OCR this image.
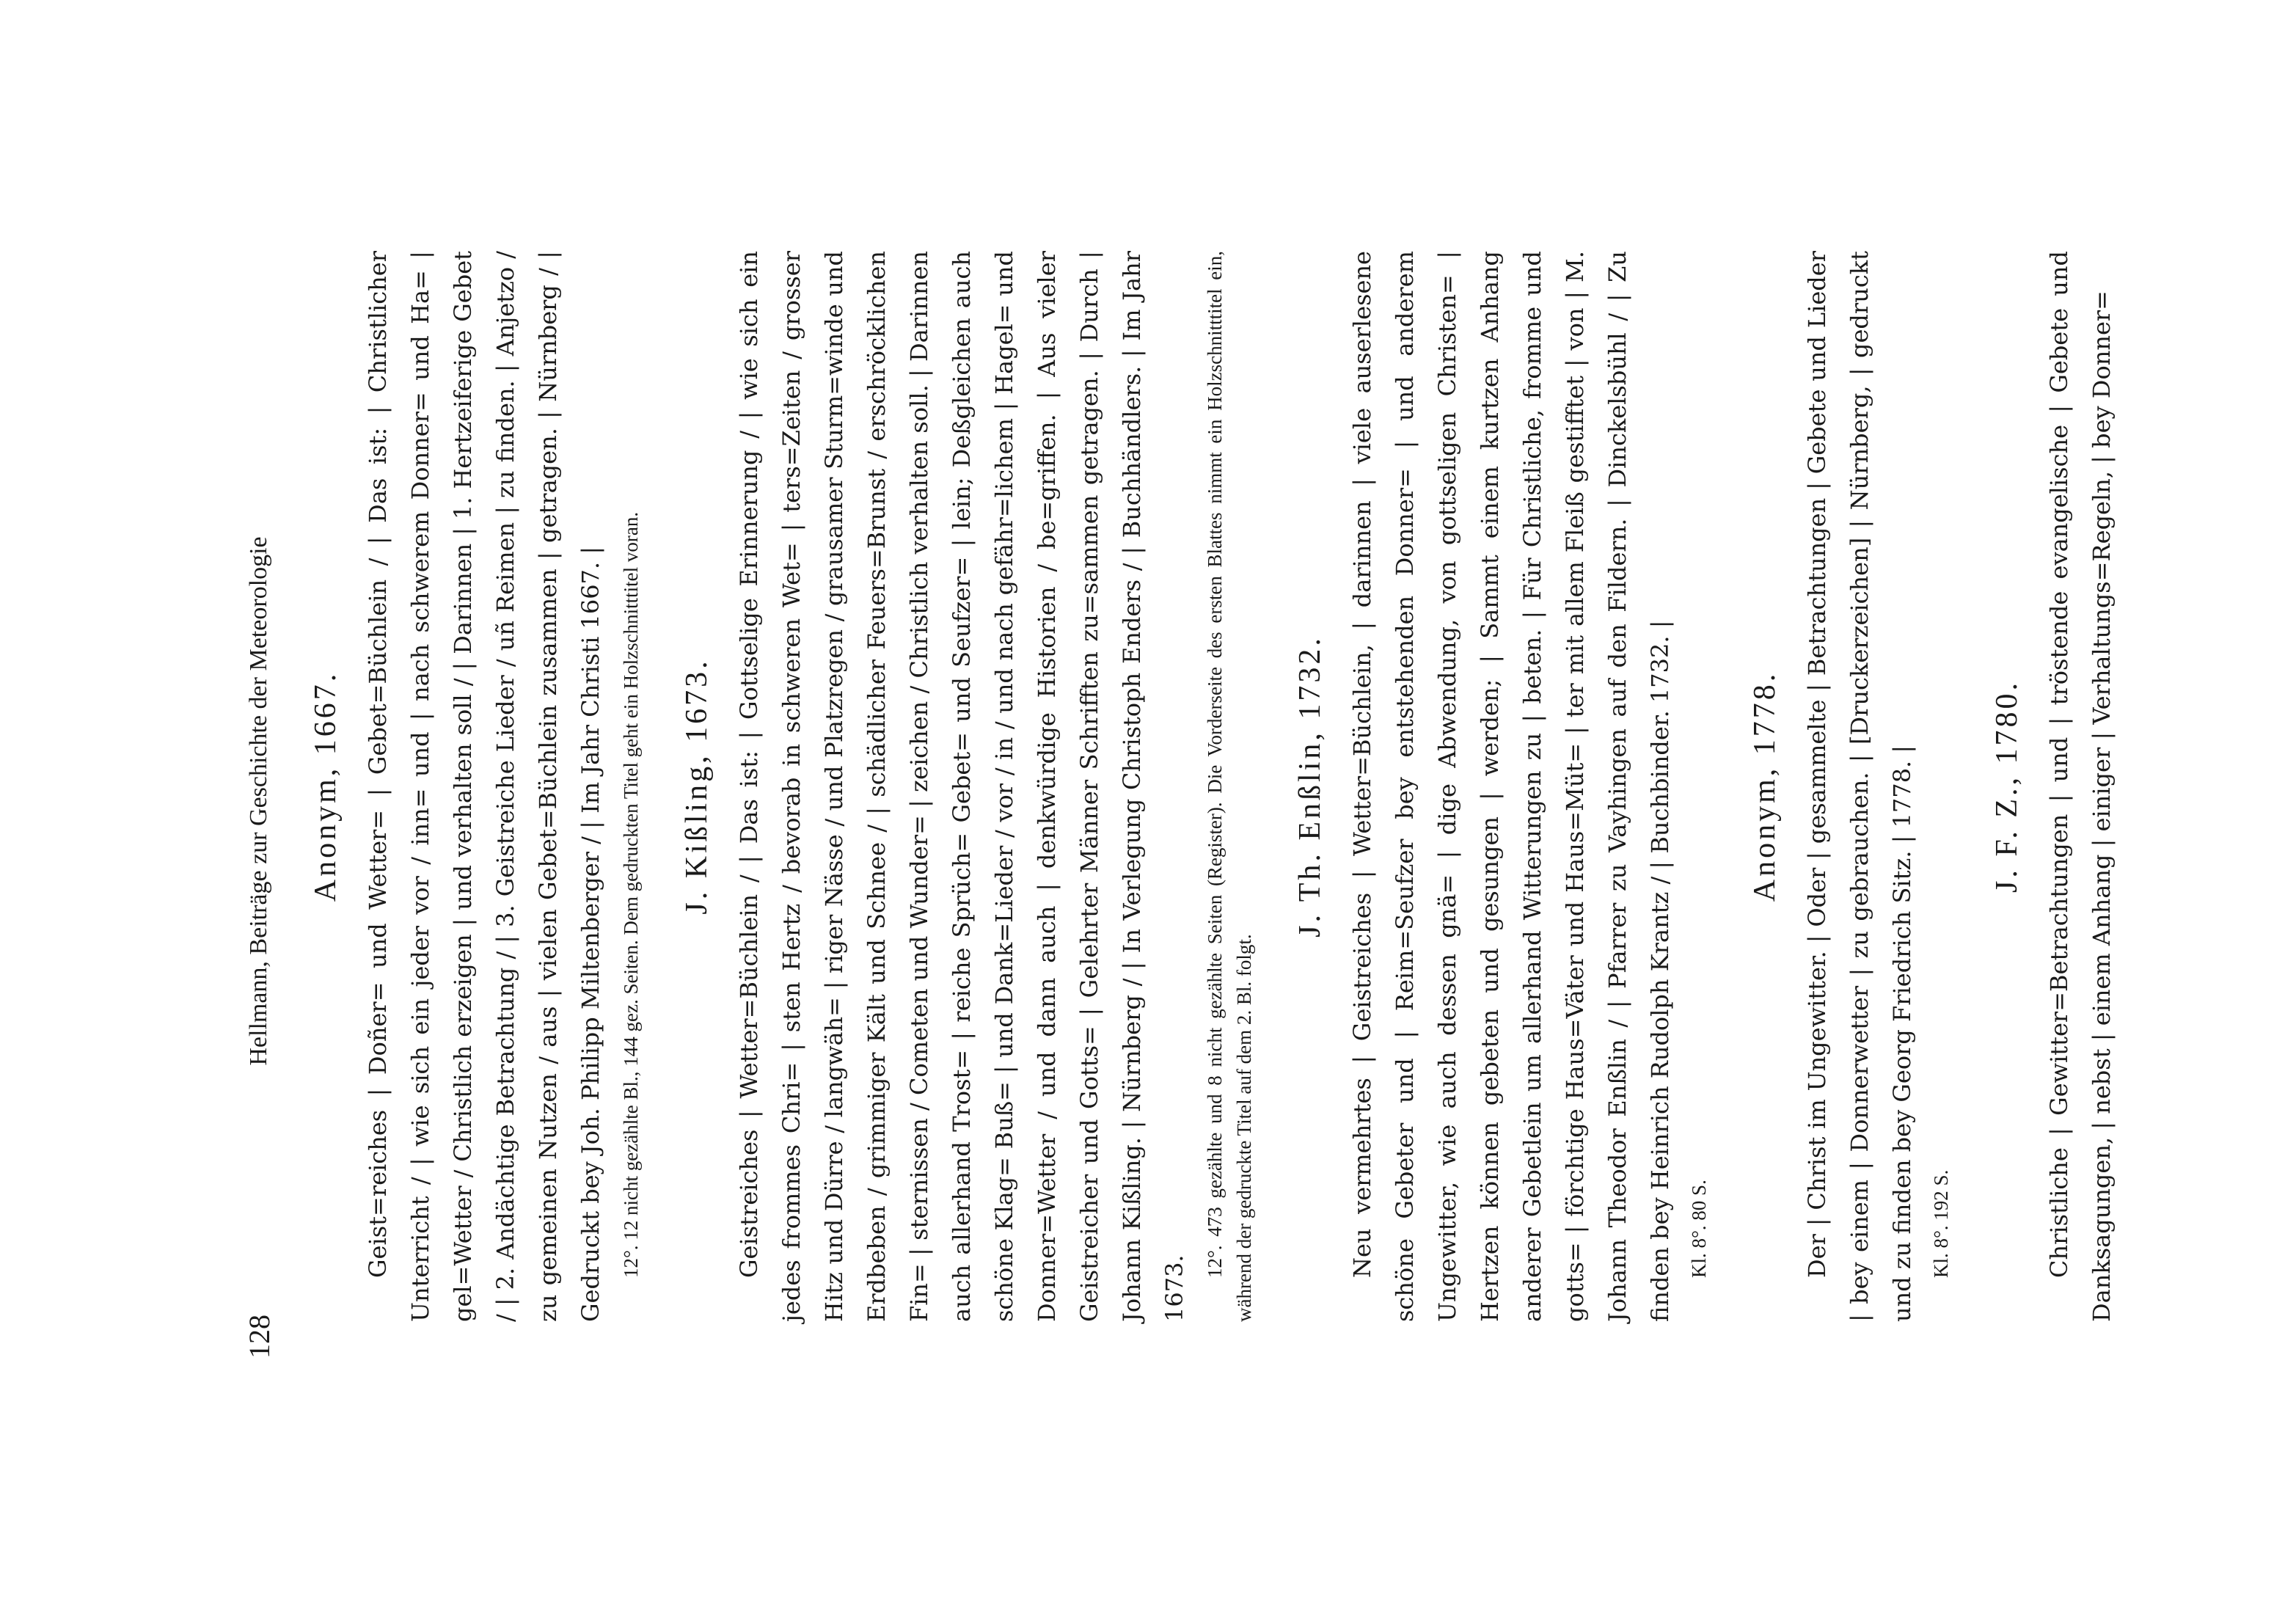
128
Hellmann, Beiträge zur Geschichte der Meteorologie Anonym, 1667. Geist=reiches | Doñer= und Wetter= | Gebet=Büchlein / | Das ist: | Christlicher Unterricht / | wie sich ein jeder vor / inn= und | nach schwerem Donner= und Ha= | gel=Wetter / Christlich erzeigen | und verhalten soll / | Darinnen | 1. Hertzeiferige Gebet / | 2. Andächtige Betrachtung / | 3. Geistreiche Lieder / uñ Reimen | zu finden. | Anjetzo / zu gemeinen Nutzen / aus | vielen Gebet=Büchlein zusammen | getragen. | Nürnberg / | Gedruckt bey Joh. Philipp Miltenberger / | Im Jahr Christi 1667. | 12°. 12 nicht gezählte Bl., 144 gez. Seiten. Dem gedruckten Titel geht ein Holzschnitttitel voran. J. Kißling, 1673. Geistreiches | Wetter=Büchlein / | Das ist: | Gottselige Erinnerung / | wie sich ein jedes frommes Chri= | sten Hertz / bevorab in schweren Wet= | ters=Zeiten / grosser Hitz und Dürre / langwäh= | riger Nässe / und Platzregen / grausamer Sturm=winde und Erdbeben / grimmiger Kält und Schnee / | schädlicher Feuers=Brunst / erschröcklichen Fin= | sternissen / Cometen und Wunder= | zeichen / Christlich verhalten soll. | Darinnen auch allerhand Trost= | reiche Sprüch= Gebet= und Seufzer= | lein; Deßgleichen auch schöne Klag= Buß= | und Dank=Lieder / vor / in / und nach gefähr=lichem | Hagel= und Donner=Wetter / und dann auch | denkwürdige Historien / be=griffen. | Aus vieler Geistreicher und Gotts= | Gelehrter Männer Schrifften zu=sammen getragen. | Durch | Johann Kißling. | Nürnberg / | In Verlegung Christoph Enders / | Buchhändlers. | Im Jahr 1673.

12°. 473 gezählte und 8 nicht gezählte Seiten (Register). Die Vorderseite des ersten Blattes nimmt ein Holzschnitttitel ein, während der gedruckte Titel auf dem 2. Bl. folgt.

J. Th. Enßlin, 1732. Neu vermehrtes | Geistreiches | Wetter=Büchlein, | darinnen | viele auserlesene schöne Gebeter und | Reim=Seufzer bey entstehenden Donner= | und anderem Ungewitter, wie auch dessen gnä= | dige Abwendung, von gottseligen Christen= | Hertzen können gebeten und gesungen | werden; | Sammt einem kurtzen Anhang anderer Gebetlein um allerhand Witterungen zu | beten. | Für Christliche, fromme und gotts= | förchtige Haus=Väter und Haus=Müt= | ter mit allem Fleiß gestifftet | von | M. Johann Theodor Enßlin / | Pfarrer zu Vayhingen auf den Fildern. | Dinckelsbühl / | Zu finden bey Heinrich Rudolph Krantz / | Buchbinder. 1732. | Kl. 8°. 80 S.

Anonym, 1778. Der | Christ im Ungewitter. | Oder | gesammelte | Betrachtungen | Gebete und Lieder | bey einem | Donnerwetter | zu gebrauchen. | [Druckerzeichen] | Nürnberg, | gedruckt und zu finden bey Georg Friedrich Sitz. | 1778. | Kl. 8°. 192 S.

J. F. Z., 1780. Christliche | Gewitter=Betrachtungen | und | tröstende evangelische | Gebete und Danksagungen, | nebst | einem Anhang | einiger | Verhaltungs=Regeln, | bey Donner=
